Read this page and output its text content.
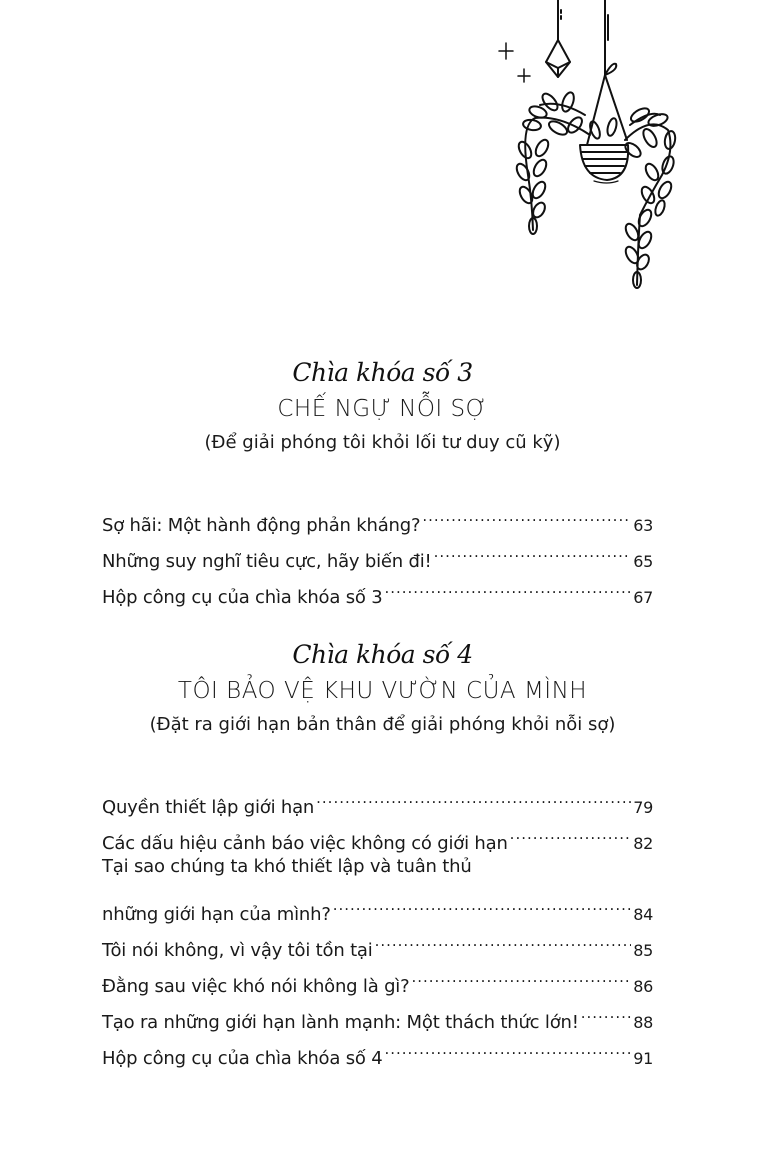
Chìa khóa số 3
CHẾ NGỰ NỖI SỢ
(Để giải phóng tôi khỏi lối tư duy cũ kỹ)
Sợ hãi: Một hành động phản kháng? .....	63
Những suy nghĩ tiêu cực, hãy biến đi! .....	65
Hộp công cụ của chìa khóa số 3 .....	67
Chìa khóa số 4
TÔI BẢO VỆ KHU VƯỜN CỦA MÌNH
(Đặt ra giới hạn bản thân để giải phóng khỏi nỗi sợ)
Quyền thiết lập giới hạn .....	79
Các dấu hiệu cảnh báo việc không có giới hạn .....	82
Tại sao chúng ta khó thiết lập và tuân thủ
những giới hạn của mình? .....	84
Tôi nói không, vì vậy tôi tồn tại .....	85
Đằng sau việc khó nói không là gì? .....	86
Tạo ra những giới hạn lành mạnh: Một thách thức lớn! .....	88
Hộp công cụ của chìa khóa số 4 .....	91
